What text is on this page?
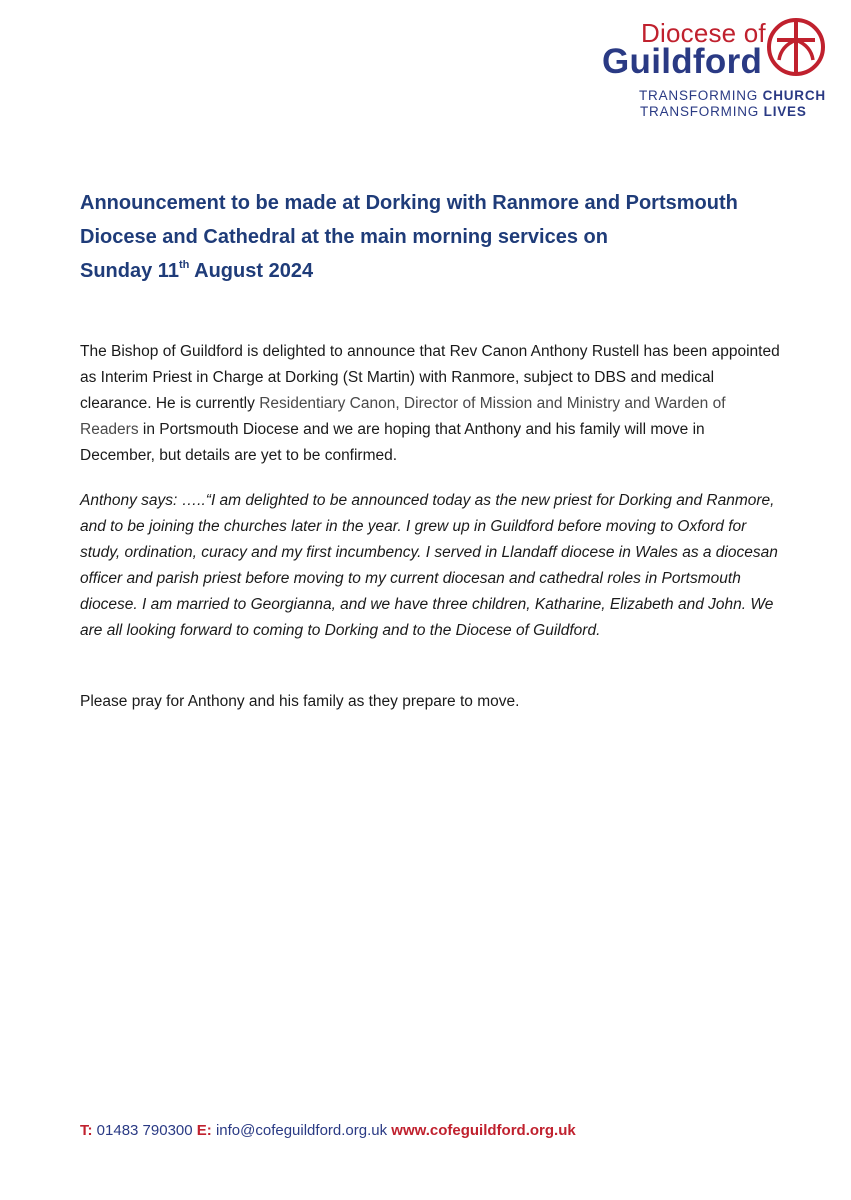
Diocese of
Guildford
TRANSFORMING CHURCH
TRANSFORMING LIVES
Announcement to be made at Dorking with Ranmore and Portsmouth
Diocese and Cathedral at the main morning services on
Sunday 11th August 2024
The Bishop of Guildford is delighted to announce that Rev Canon Anthony Rustell has been appointed as Interim Priest in Charge at Dorking (St Martin) with Ranmore, subject to DBS and medical clearance. He is currently Residentiary Canon, Director of Mission and Ministry and Warden of Readers in Portsmouth Diocese and we are hoping that Anthony and his family will move in December, but details are yet to be confirmed.
Anthony says: …..“I am delighted to be announced today as the new priest for Dorking and Ranmore, and to be joining the churches later in the year. I grew up in Guildford before moving to Oxford for study, ordination, curacy and my first incumbency. I served in Llandaff diocese in Wales as a diocesan officer and parish priest before moving to my current diocesan and cathedral roles in Portsmouth diocese. I am married to Georgianna, and we have three children, Katharine, Elizabeth and John. We are all looking forward to coming to Dorking and to the Diocese of Guildford.
Please pray for Anthony and his family as they prepare to move.
T: 01483 790300 E: info@cofeguildford.org.uk www.cofeguildford.org.uk
